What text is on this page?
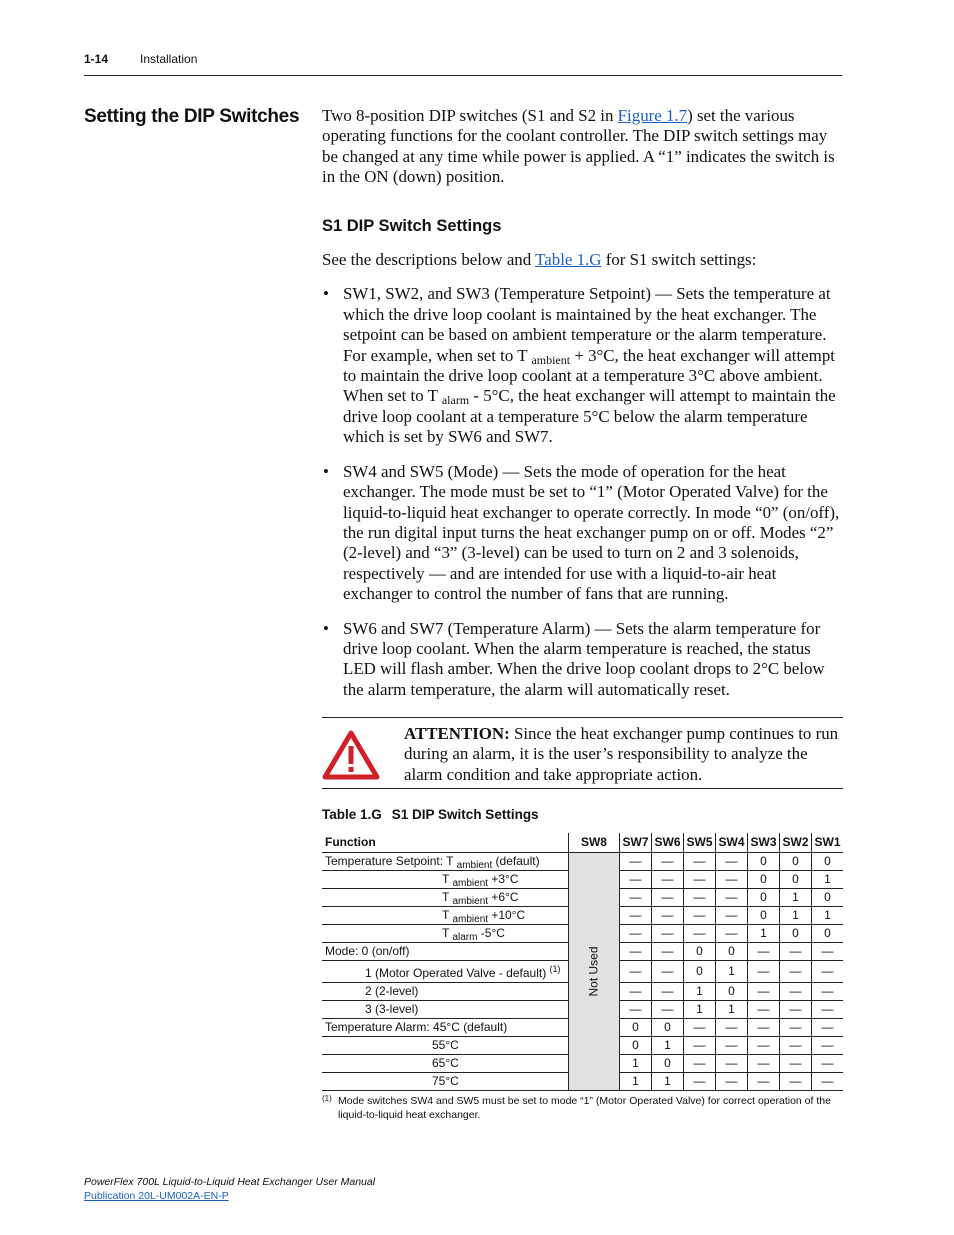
1-14	Installation
Setting the DIP Switches Two 8-position DIP switches (S1 and S2 in Figure 1.7) set the various operating functions for the coolant controller. The DIP switch settings may be changed at any time while power is applied. A “1” indicates the switch is in the ON (down) position.

S1 DIP Switch Settings

See the descriptions below and Table 1.G for S1 switch settings:

• SW1, SW2, and SW3 (Temperature Setpoint) — Sets the temperature at which the drive loop coolant is maintained by the heat exchanger. The setpoint can be based on ambient temperature or the alarm temperature. For example, when set to T $_{ambient}$ + 3°C, the heat exchanger will attempt to maintain the drive loop coolant at a temperature 3°C above ambient. When set to T $_{alarm}$ - 5°C, the heat exchanger will attempt to maintain the drive loop coolant at a temperature 5°C below the alarm temperature which is set by SW6 and SW7.
• SW4 and SW5 (Mode) — Sets the mode of operation for the heat exchanger. The mode must be set to “1” (Motor Operated Valve) for the liquid-to-liquid heat exchanger to operate correctly. In mode “0” (on/off), the run digital input turns the heat exchanger pump on or off. Modes “2” (2-level) and “3” (3-level) can be used to turn on 2 and 3 solenoids, respectively — and are intended for use with a liquid-to-air heat exchanger to control the number of fans that are running.
• SW6 and SW7 (Temperature Alarm) — Sets the alarm temperature for drive loop coolant. When the alarm temperature is reached, the status LED will flash amber. When the drive loop coolant drops to 2°C below the alarm temperature, the alarm will automatically reset.
ATTENTION: Since the heat exchanger pump continues to run during an alarm, it is the user’s responsibility to analyze the alarm condition and take appropriate action.
Table 1.G S1 DIP Switch Settings
Function	SW8	SW7	SW6	SW5	SW4	SW3	SW2	SW1
Temperature Setpoint: T $_{ambient}$ (default)	Not Used	—	—	—	—	0	0	0
T $_{ambient}$ +3°C		—	—	—	—	0	0	1
T $_{ambient}$ +6°C		—	—	—	—	0	1	0
T $_{ambient}$ +10°C		—	—	—	—	0	1	1
T $_{alarm}$ -5°C		—	—	—	—	1	0	0
Mode: 0 (on/off)		—	—	0	0	—	—	—
1 (Motor Operated Valve - default) $^{(1)}$		—	—	0	1	—	—	—
2 (2-level)		—	—	1	0	—	—	—
3 (3-level)		—	—	1	1	—	—	—
Temperature Alarm: 45°C (default)		0	0	—	—	—	—	—
55°C		0	1	—	—	—	—	—
65°C		1	0	—	—	—	—	—
75°C		1	1	—	—	—	—	—
(1) Mode switches SW4 and SW5 must be set to mode “1” (Motor Operated Valve) for correct operation of the liquid-to-liquid heat exchanger.
PowerFlex 700L Liquid-to-Liquid Heat Exchanger User Manual
Publication 20L-UM002A-EN-P
